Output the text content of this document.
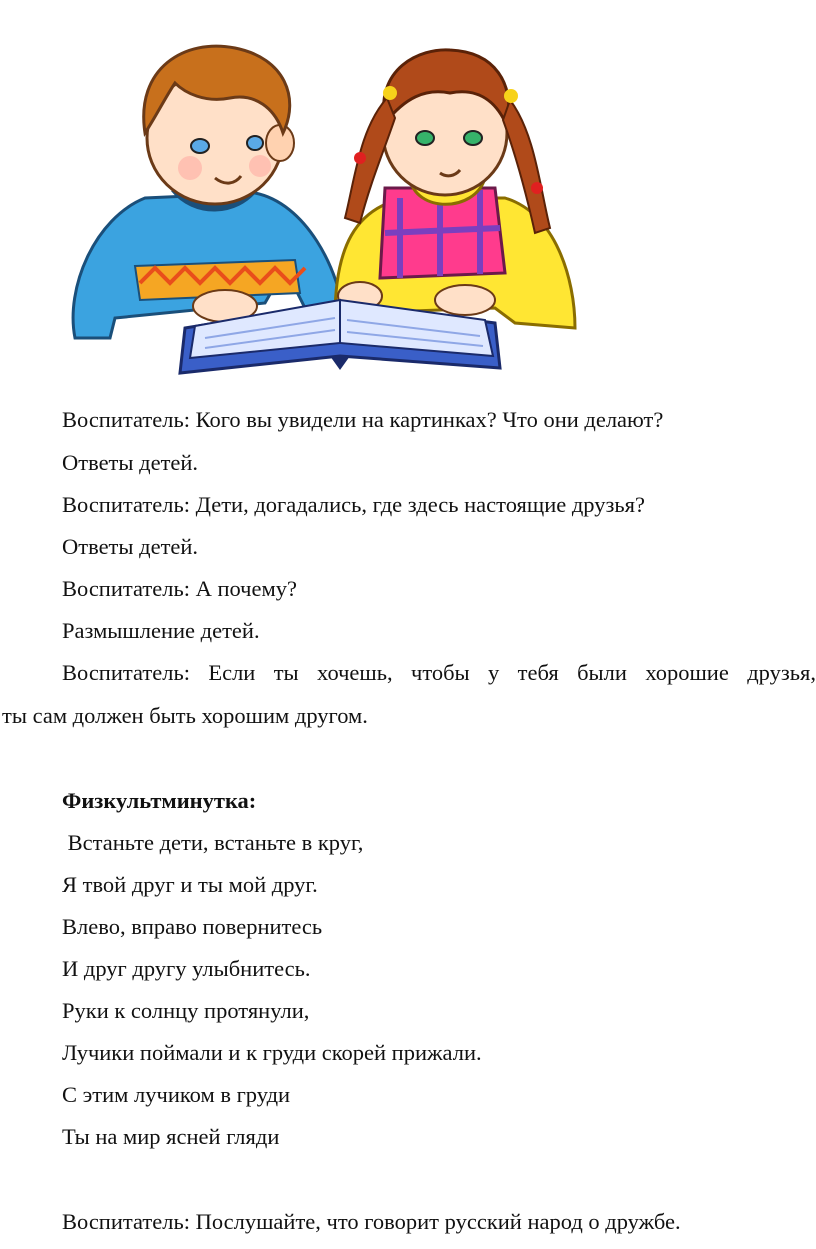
Воспитатель: Кого вы увидели на картинках? Что они делают?
Ответы детей.
Воспитатель: Дети, догадались, где здесь настоящие друзья?
Ответы детей.
Воспитатель: А почему?
Размышление детей.
Воспитатель: Если ты хочешь, чтобы у тебя были хорошие друзья,
ты сам должен быть хорошим другом.
Физкультминутка:
Встаньте дети, встаньте в круг,
Я твой друг и ты мой друг.
Влево, вправо повернитесь
И друг другу улыбнитесь.
Руки к солнцу протянули,
Лучики поймали и к груди скорей прижали.
С этим лучиком в груди
Ты на мир ясней гляди
Воспитатель: Послушайте, что говорит русский народ о дружбе.
